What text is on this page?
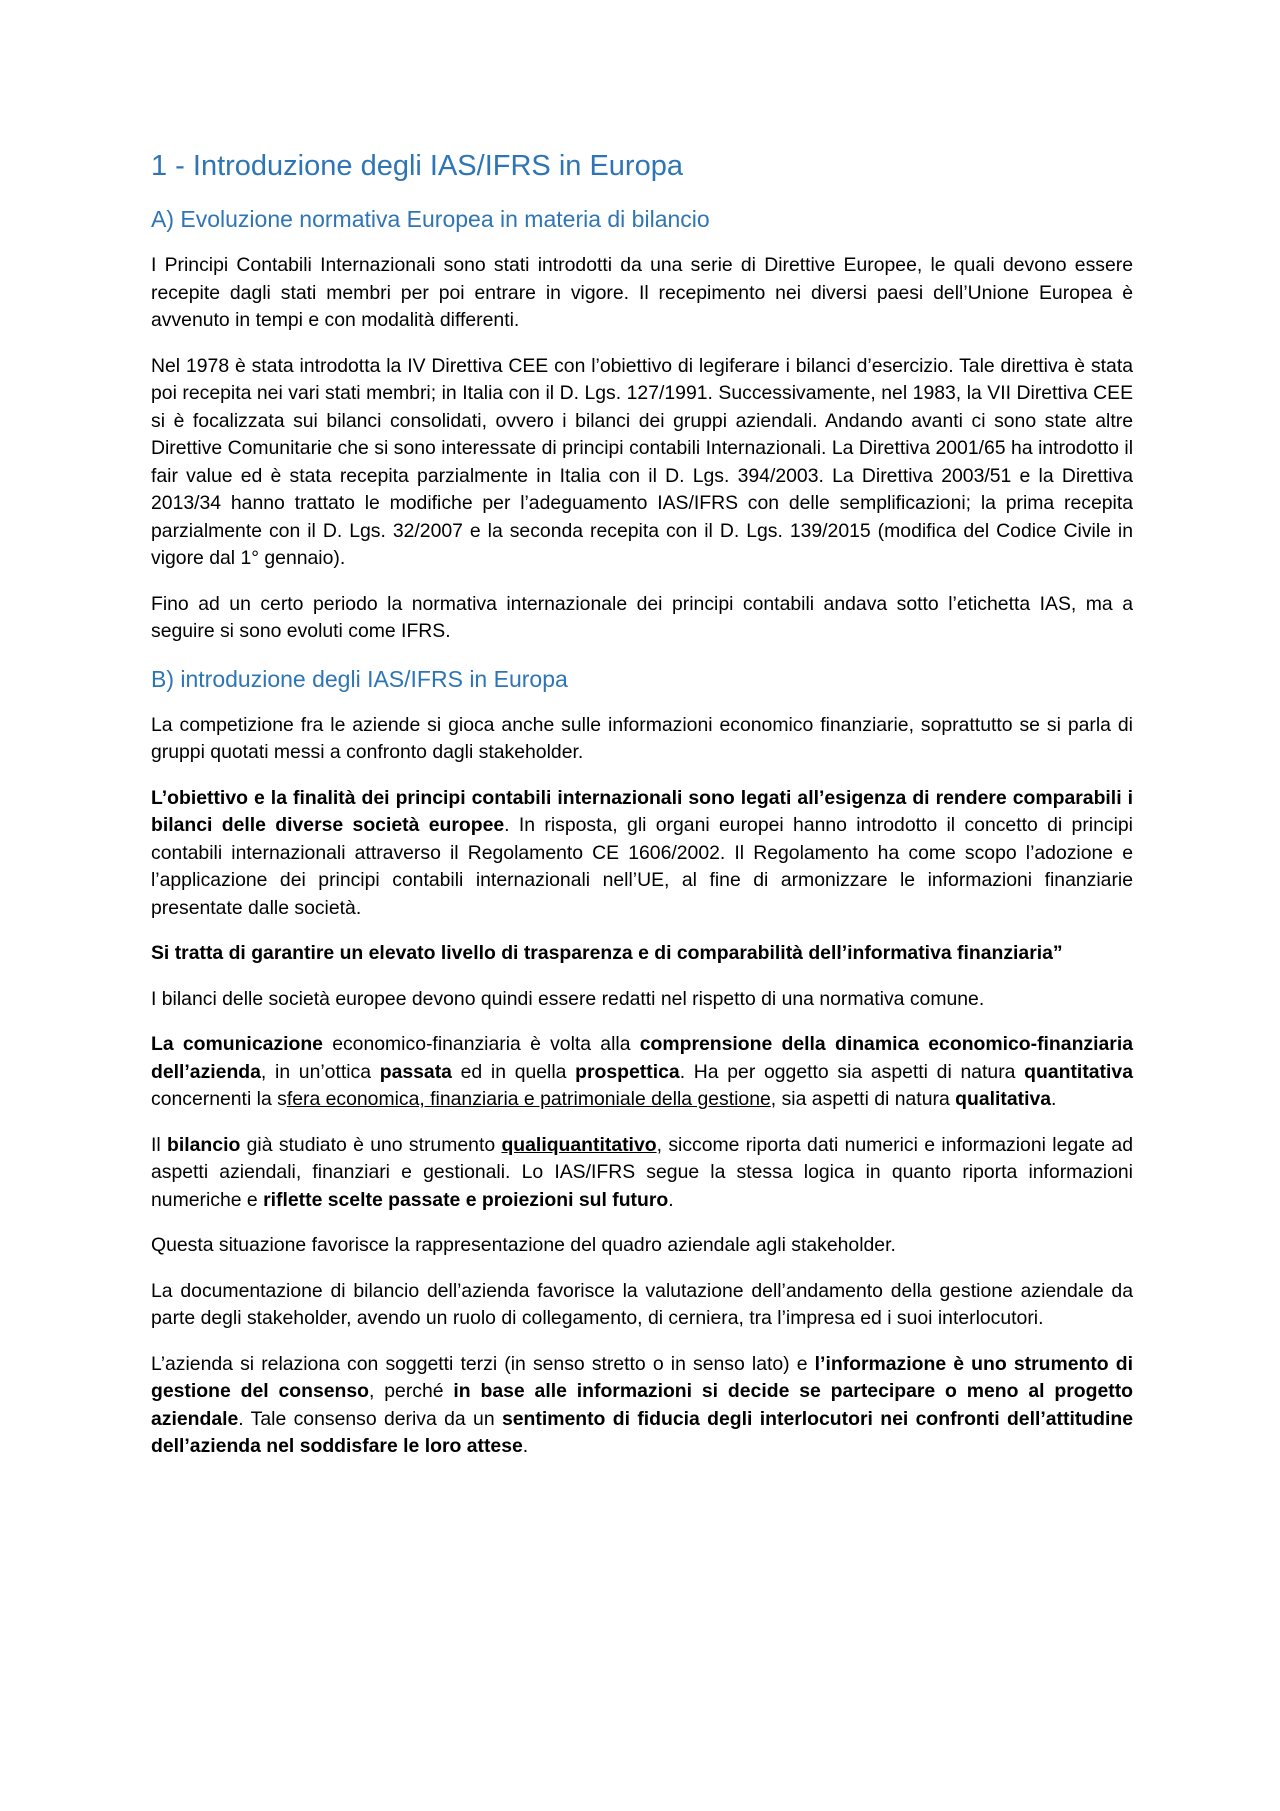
1 - Introduzione degli IAS/IFRS in Europa
A) Evoluzione normativa Europea in materia di bilancio

I Principi Contabili Internazionali sono stati introdotti da una serie di Direttive Europee, le quali devono essere recepite dagli stati membri per poi entrare in vigore. Il recepimento nei diversi paesi dell’Unione Europea è avvenuto in tempi e con modalità differenti.

Nel 1978 è stata introdotta la IV Direttiva CEE con l’obiettivo di legiferare i bilanci d’esercizio. Tale direttiva è stata poi recepita nei vari stati membri; in Italia con il D. Lgs. 127/1991. Successivamente, nel 1983, la VII Direttiva CEE si è focalizzata sui bilanci consolidati, ovvero i bilanci dei gruppi aziendali. Andando avanti ci sono state altre Direttive Comunitarie che si sono interessate di principi contabili Internazionali. La Direttiva 2001/65 ha introdotto il fair value ed è stata recepita parzialmente in Italia con il D. Lgs. 394/2003. La Direttiva 2003/51 e la Direttiva 2013/34 hanno trattato le modifiche per l’adeguamento IAS/IFRS con delle semplificazioni; la prima recepita parzialmente con il D. Lgs. 32/2007 e la seconda recepita con il D. Lgs. 139/2015 (modifica del Codice Civile in vigore dal 1° gennaio).

Fino ad un certo periodo la normativa internazionale dei principi contabili andava sotto l’etichetta IAS, ma a seguire si sono evoluti come IFRS.

B) introduzione degli IAS/IFRS in Europa

La competizione fra le aziende si gioca anche sulle informazioni economico finanziarie, soprattutto se si parla di gruppi quotati messi a confronto dagli stakeholder.

L’obiettivo e la finalità dei principi contabili internazionali sono legati all’esigenza di rendere comparabili i bilanci delle diverse società europee. In risposta, gli organi europei hanno introdotto il concetto di principi contabili internazionali attraverso il Regolamento CE 1606/2002. Il Regolamento ha come scopo l’adozione e l’applicazione dei principi contabili internazionali nell’UE, al fine di armonizzare le informazioni finanziarie presentate dalle società.

Si tratta di garantire un elevato livello di trasparenza e di comparabilità dell’informativa finanziaria”

I bilanci delle società europee devono quindi essere redatti nel rispetto di una normativa comune.

La comunicazione economico-finanziaria è volta alla comprensione della dinamica economico-finanziaria dell’azienda, in un’ottica passata ed in quella prospettica. Ha per oggetto sia aspetti di natura quantitativa concernenti la sfera economica, finanziaria e patrimoniale della gestione, sia aspetti di natura qualitativa.

Il bilancio già studiato è uno strumento qualiquantitativo, siccome riporta dati numerici e informazioni legate ad aspetti aziendali, finanziari e gestionali. Lo IAS/IFRS segue la stessa logica in quanto riporta informazioni numeriche e riflette scelte passate e proiezioni sul futuro.

Questa situazione favorisce la rappresentazione del quadro aziendale agli stakeholder.

La documentazione di bilancio dell’azienda favorisce la valutazione dell’andamento della gestione aziendale da parte degli stakeholder, avendo un ruolo di collegamento, di cerniera, tra l’impresa ed i suoi interlocutori.

L’azienda si relaziona con soggetti terzi (in senso stretto o in senso lato) e l’informazione è uno strumento di gestione del consenso, perché in base alle informazioni si decide se partecipare o meno al progetto aziendale. Tale consenso deriva da un sentimento di fiducia degli interlocutori nei confronti dell’attitudine dell’azienda nel soddisfare le loro attese.
